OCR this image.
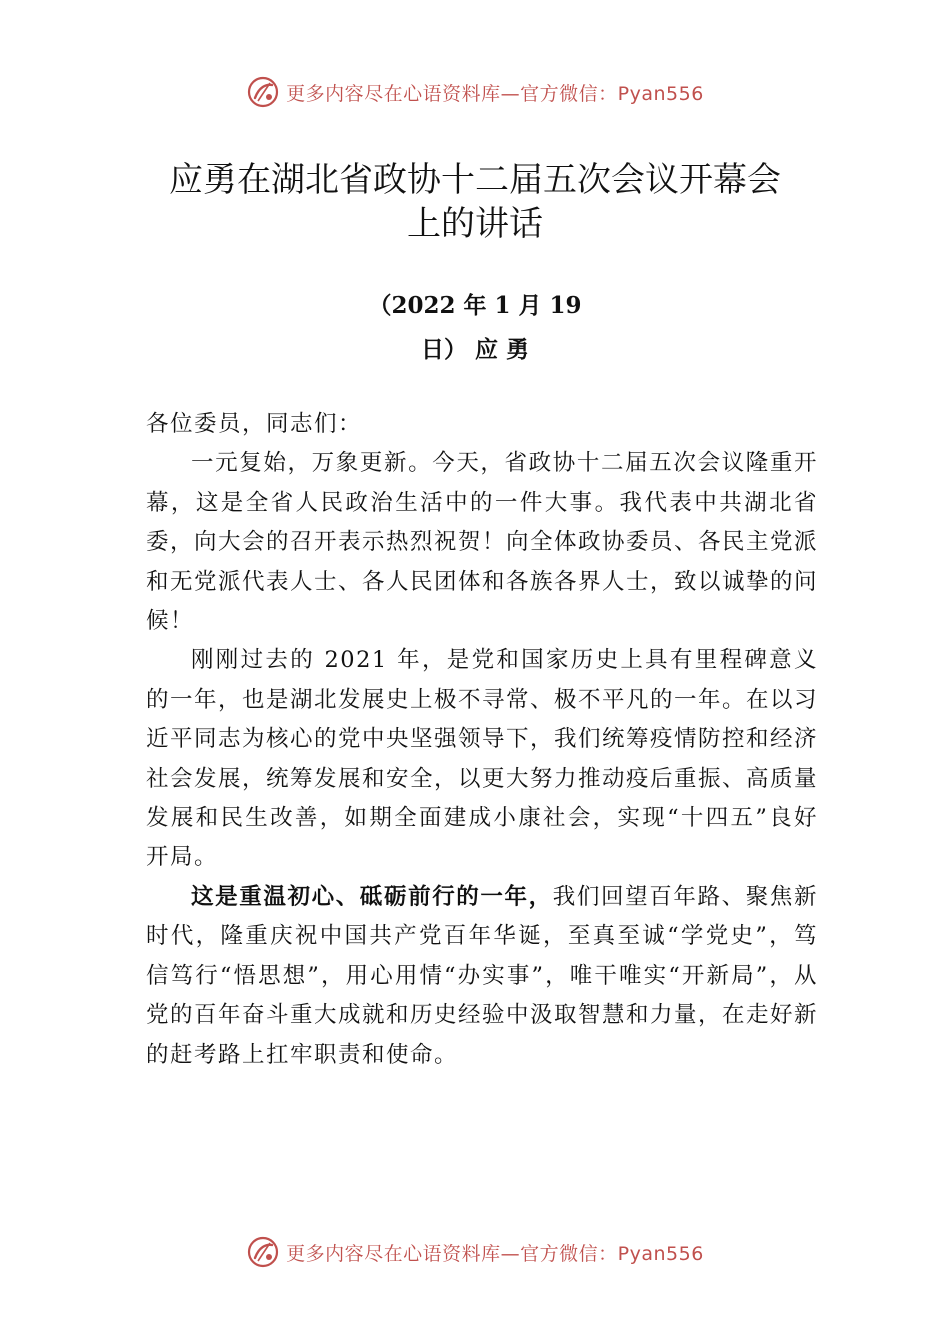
更多内容尽在心语资料库—官方微信：Pyan556
应勇在湖北省政协十二届五次会议开幕会
上的讲话
（2022 年 1 月 19
日） 应 勇

各位委员，同志们：

一元复始，万象更新。今天，省政协十二届五次会议隆重开幕，这是全省人民政治生活中的一件大事。我代表中共湖北省委，向大会的召开表示热烈祝贺！向全体政协委员、各民主党派和无党派代表人士、各人民团体和各族各界人士，致以诚挚的问候！

刚刚过去的 2021 年，是党和国家历史上具有里程碑意义的一年，也是湖北发展史上极不寻常、极不平凡的一年。在以习近平同志为核心的党中央坚强领导下，我们统筹疫情防控和经济社会发展，统筹发展和安全，以更大努力推动疫后重振、高质量发展和民生改善，如期全面建成小康社会，实现“十四五”良好开局。

这是重温初心、砥砺前行的一年，我们回望百年路、聚焦新时代，隆重庆祝中国共产党百年华诞，至真至诚“学党史”，笃信笃行“悟思想”，用心用情“办实事”，唯干唯实“开新局”，从党的百年奋斗重大成就和历史经验中汲取智慧和力量，在走好新的赶考路上扛牢职责和使命。

更多内容尽在心语资料库—官方微信：Pyan556
